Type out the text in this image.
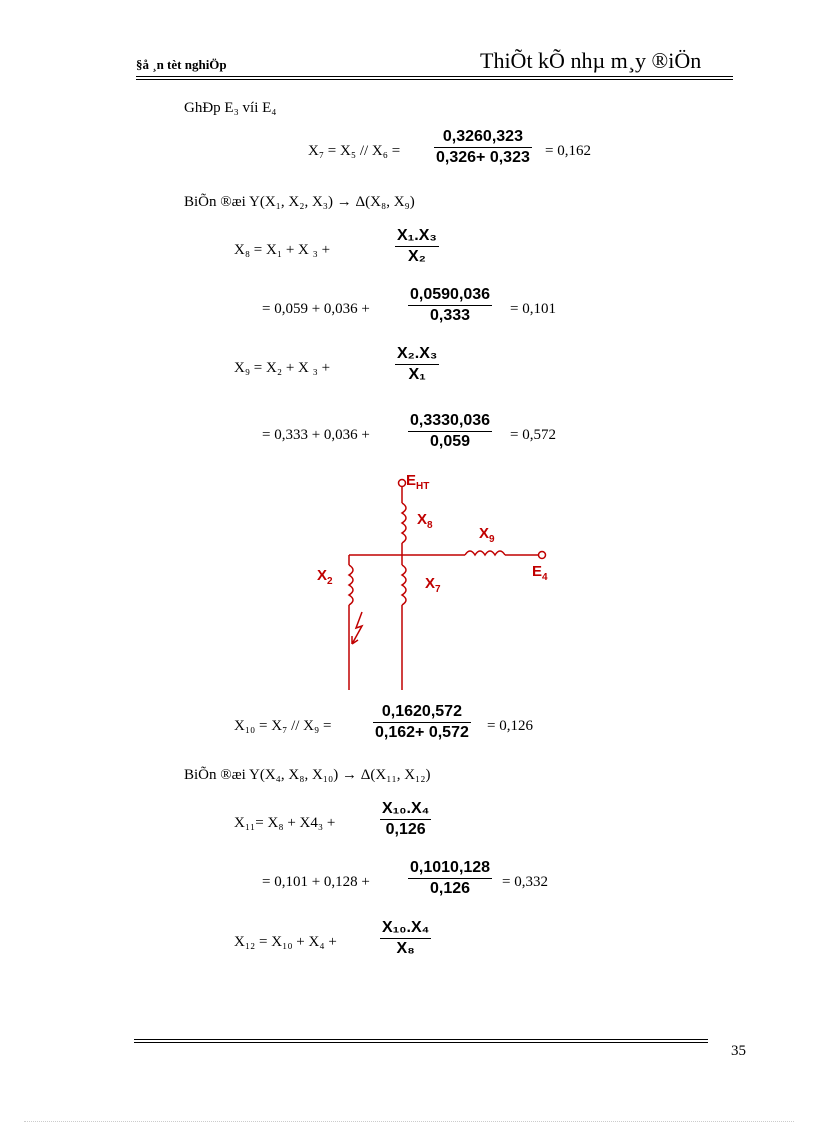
§å ¸n tèt nghiÖp	ThiÕt kÕ nhµ m¸y ®iÖn
GhÐp E₃ víi E₄
X₇ = X₅ // X₆ =
0,3260,323
0,326+ 0,323 = 0,162
BiÕn ®æi Y(X₁, X₂, X₃) → Δ(X₈, X₉)
X₈ = X₁ + X ₃ +
X₁.X₃
X₂
= 0,059 + 0,036 +
0,0590,036
0,333	= 0,101
X₉ = X₂ + X ₃ +
X₂.X₃
X₁
= 0,333 + 0,036 +
0,3330,036
0,059	= 0,572
$E_{HT}$
$X_8$	$X_9$
$X_2$	$X_7$
$E_4$
X₁₀ = X₇ // X₉ =
0,1620,572
0,162+ 0,572 = 0,126
BiÕn ®æi Y(X₄, X₈, X₁₀) → Δ(X₁₁, X₁₂)
X₁₁= X₈ + X4₃ +
X₁₀.X₄
0,126
= 0,101 + 0,128 +
0,1010,128
0,126 = 0,332
X₁₂ = X₁₀ + X₄ +
X₁₀.X₄
X₈
35
